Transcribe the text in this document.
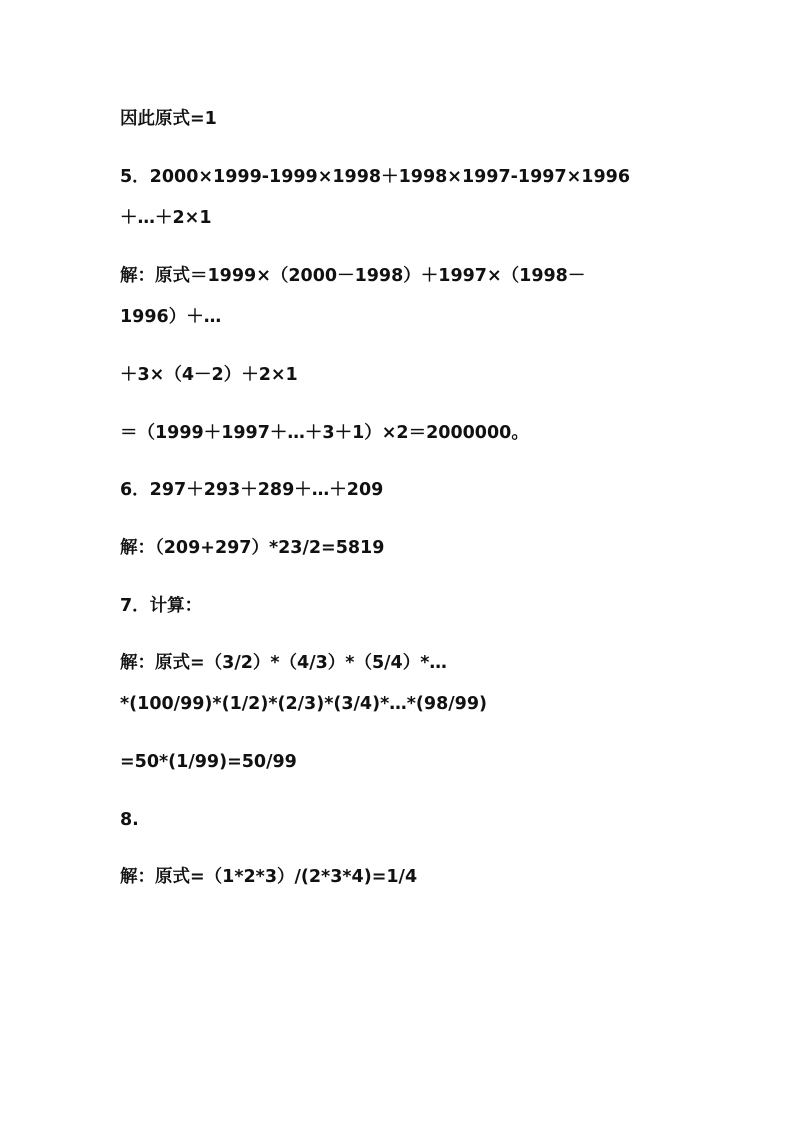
因此原式=1
5．2000×1999-1999×1998＋1998×1997-1997×1996
＋…＋2×1
解：原式＝1999×（2000－1998）＋1997×（1998－
1996）＋…
＋3×（4－2）＋2×1
＝（1999＋1997＋…＋3＋1）×2＝2000000。
6．297＋293＋289＋…＋209
解：（209+297）*23/2=5819
7．计算：
解：原式=（3/2）*（4/3）*（5/4）*…
*(100/99)*(1/2)*(2/3)*(3/4)*…*(98/99)
=50*(1/99)=50/99
8.
解：原式=（1*2*3）/(2*3*4)=1/4
